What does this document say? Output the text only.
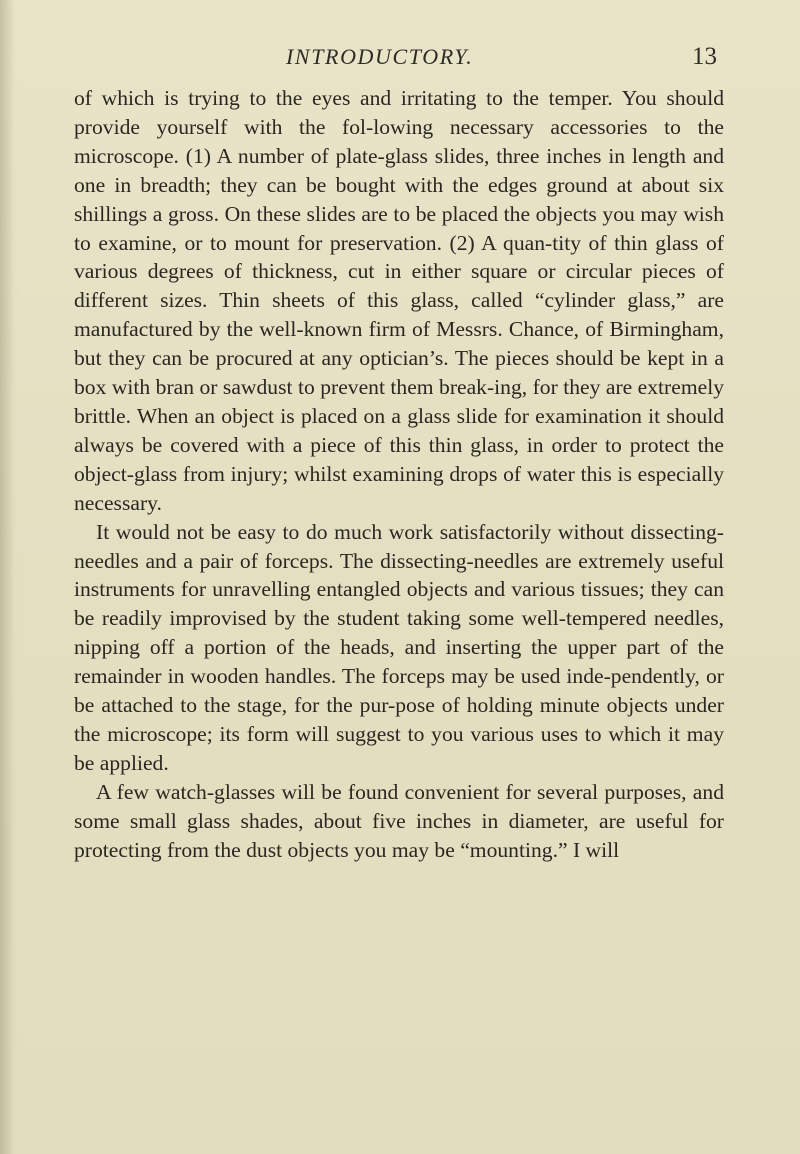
INTRODUCTORY.	13

of which is trying to the eyes and irritating to the temper. You should provide yourself with the fol-lowing necessary accessories to the microscope. (1) A number of plate-glass slides, three inches in length and one in breadth; they can be bought with the edges ground at about six shillings a gross. On these slides are to be placed the objects you may wish to examine, or to mount for preservation. (2) A quan-tity of thin glass of various degrees of thickness, cut in either square or circular pieces of different sizes. Thin sheets of this glass, called “cylinder glass,” are manufactured by the well-known firm of Messrs. Chance, of Birmingham, but they can be procured at any optician’s. The pieces should be kept in a box with bran or sawdust to prevent them break-ing, for they are extremely brittle. When an object is placed on a glass slide for examination it should always be covered with a piece of this thin glass, in order to protect the object-glass from injury; whilst examining drops of water this is especially necessary.

It would not be easy to do much work satisfactorily without dissecting-needles and a pair of forceps. The dissecting-needles are extremely useful instruments for unravelling entangled objects and various tissues; they can be readily improvised by the student taking some well-tempered needles, nipping off a portion of the heads, and inserting the upper part of the remainder in wooden handles. The forceps may be used inde-pendently, or be attached to the stage, for the pur-pose of holding minute objects under the microscope; its form will suggest to you various uses to which it may be applied.

A few watch-glasses will be found convenient for several purposes, and some small glass shades, about five inches in diameter, are useful for protecting from the dust objects you may be “mounting.” I will
